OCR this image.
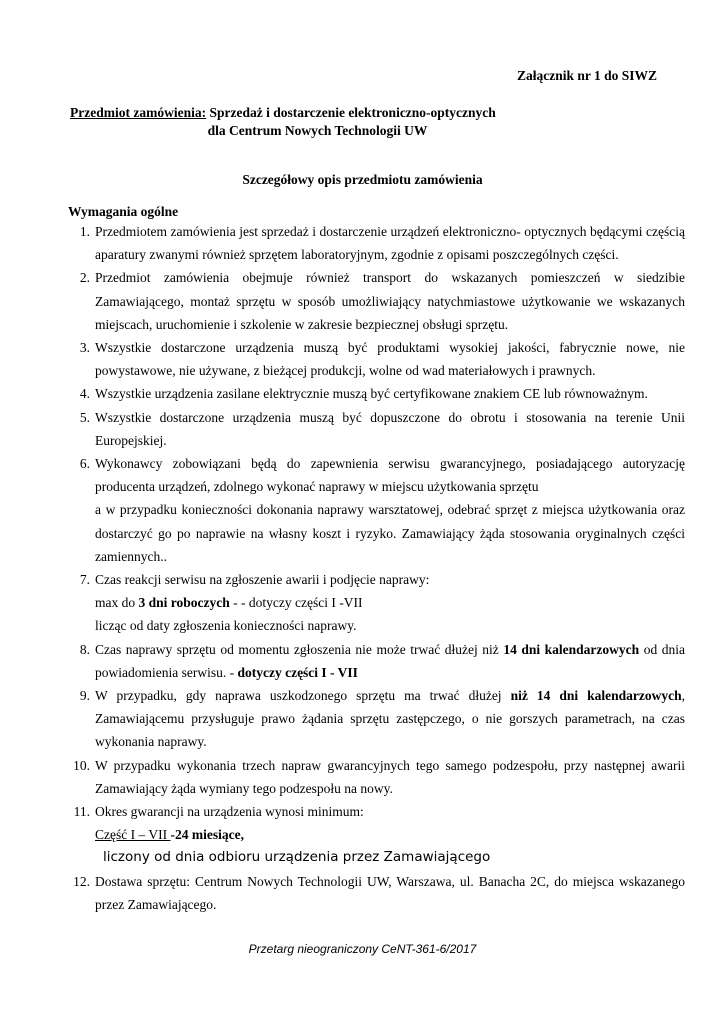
Załącznik nr 1 do SIWZ
Przedmiot zamówienia: Sprzedaż i dostarczenie elektroniczno-optycznych
dla Centrum Nowych Technologii UW
Szczegółowy opis przedmiotu zamówienia
Wymagania ogólne
1. Przedmiotem zamówienia jest sprzedaż i dostarczenie urządzeń elektroniczno- optycznych będącymi częścią aparatury zwanymi również sprzętem laboratoryjnym, zgodnie z opisami poszczególnych części.
2. Przedmiot zamówienia obejmuje również transport do wskazanych pomieszczeń w siedzibie Zamawiającego, montaż sprzętu w sposób umożliwiający natychmiastowe użytkowanie we wskazanych miejscach, uruchomienie i szkolenie w zakresie bezpiecznej obsługi sprzętu.
3. Wszystkie dostarczone urządzenia muszą być produktami wysokiej jakości, fabrycznie nowe, nie powystawowe, nie używane, z bieżącej produkcji, wolne od wad materiałowych i prawnych.
4. Wszystkie urządzenia zasilane elektrycznie muszą być certyfikowane znakiem CE lub równoważnym.
5. Wszystkie dostarczone urządzenia muszą być dopuszczone do obrotu i stosowania na terenie Unii Europejskiej.
6. Wykonawcy zobowiązani będą do zapewnienia serwisu gwarancyjnego, posiadającego autoryzację producenta urządzeń, zdolnego wykonać naprawy w miejscu użytkowania sprzętu
a w przypadku konieczności dokonania naprawy warsztatowej, odebrać sprzęt z miejsca użytkowania oraz dostarczyć go po naprawie na własny koszt i ryzyko. Zamawiający żąda stosowania oryginalnych części zamiennych..
7. Czas reakcji serwisu na zgłoszenie awarii i podjęcie naprawy:
max do 3 dni roboczych - - dotyczy części I -VII
licząc od daty zgłoszenia konieczności naprawy.
8. Czas naprawy sprzętu od momentu zgłoszenia nie może trwać dłużej niż 14 dni kalendarzowych od dnia powiadomienia serwisu. - dotyczy części I - VII
9. W przypadku, gdy naprawa uszkodzonego sprzętu ma trwać dłużej niż 14 dni kalendarzowych, Zamawiającemu przysługuje prawo żądania sprzętu zastępczego, o nie gorszych parametrach, na czas wykonania naprawy.
10. W przypadku wykonania trzech napraw gwarancyjnych tego samego podzespołu, przy następnej awarii Zamawiający żąda wymiany tego podzespołu na nowy.
11. Okres gwarancji na urządzenia wynosi minimum:
Część I – VII -24 miesiące,
liczony od dnia odbioru urządzenia przez Zamawiającego
12. Dostawa sprzętu: Centrum Nowych Technologii UW, Warszawa, ul. Banacha 2C, do miejsca wskazanego przez Zamawiającego.
Przetarg nieograniczony CeNT-361-6/2017
